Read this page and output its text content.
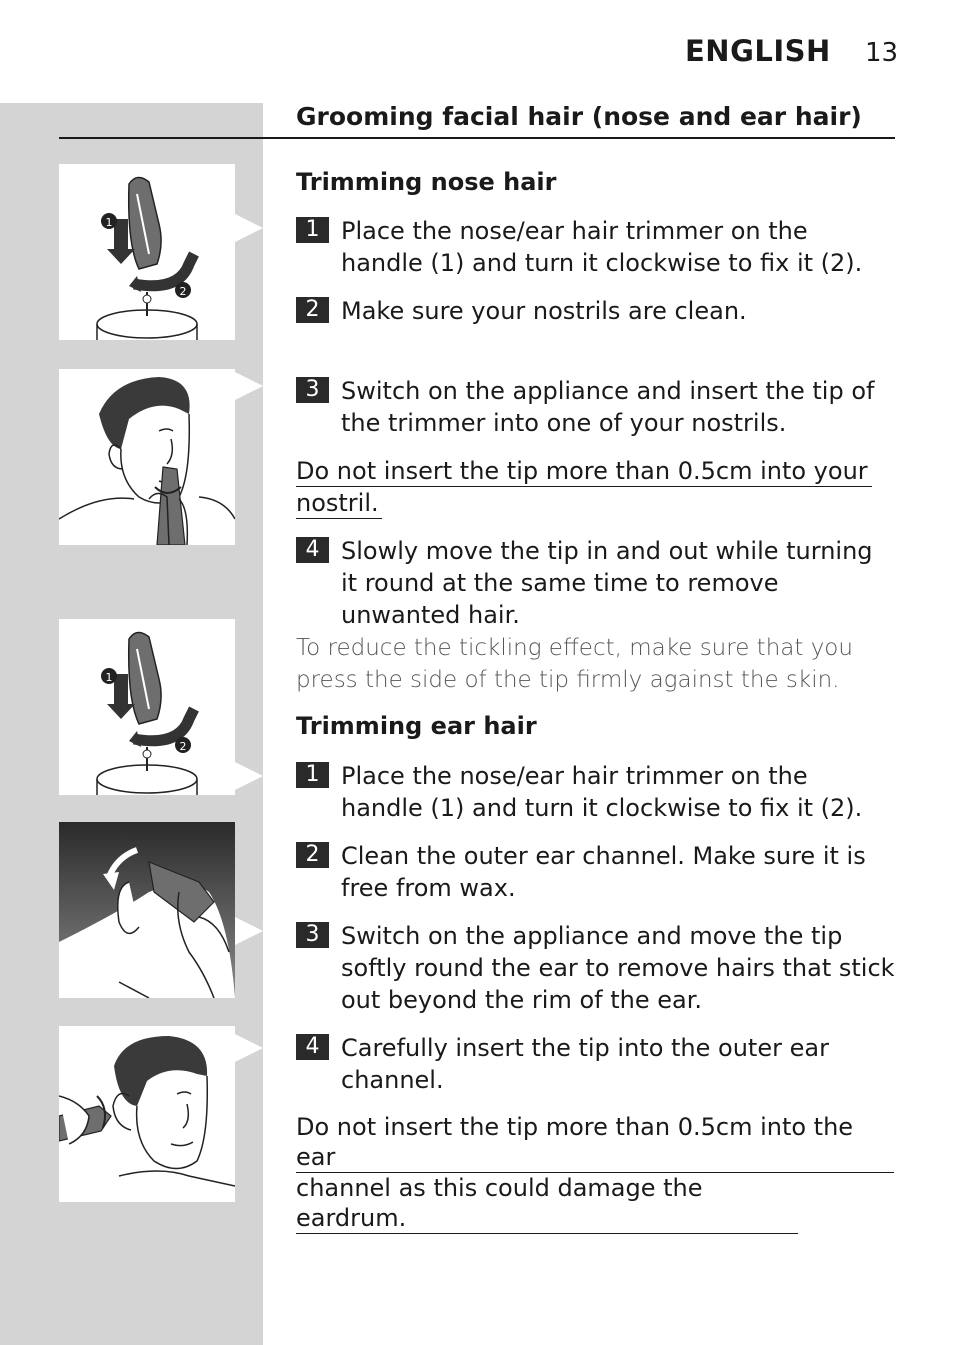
ENGLISH 13
Grooming facial hair (nose and ear hair)
1
2
1
2
Trimming nose hair
1 Place the nose/ear hair trimmer on the handle (1) and turn it clockwise to fix it (2).
2 Make sure your nostrils are clean.
3 Switch on the appliance and insert the tip of the trimmer into one of your nostrils.
Do not insert the tip more than 0.5cm into your
nostril.
4 Slowly move the tip in and out while turning it round at the same time to remove unwanted hair.
To reduce the tickling effect, make sure that you press the side of the tip firmly against the skin.
Trimming ear hair
1 Place the nose/ear hair trimmer on the handle (1) and turn it clockwise to fix it (2).
2 Clean the outer ear channel. Make sure it is free from wax.
3 Switch on the appliance and move the tip softly round the ear to remove hairs that stick out beyond the rim of the ear.
4 Carefully insert the tip into the outer ear channel.
Do not insert the tip more than 0.5cm into the ear
channel as this could damage the eardrum.
